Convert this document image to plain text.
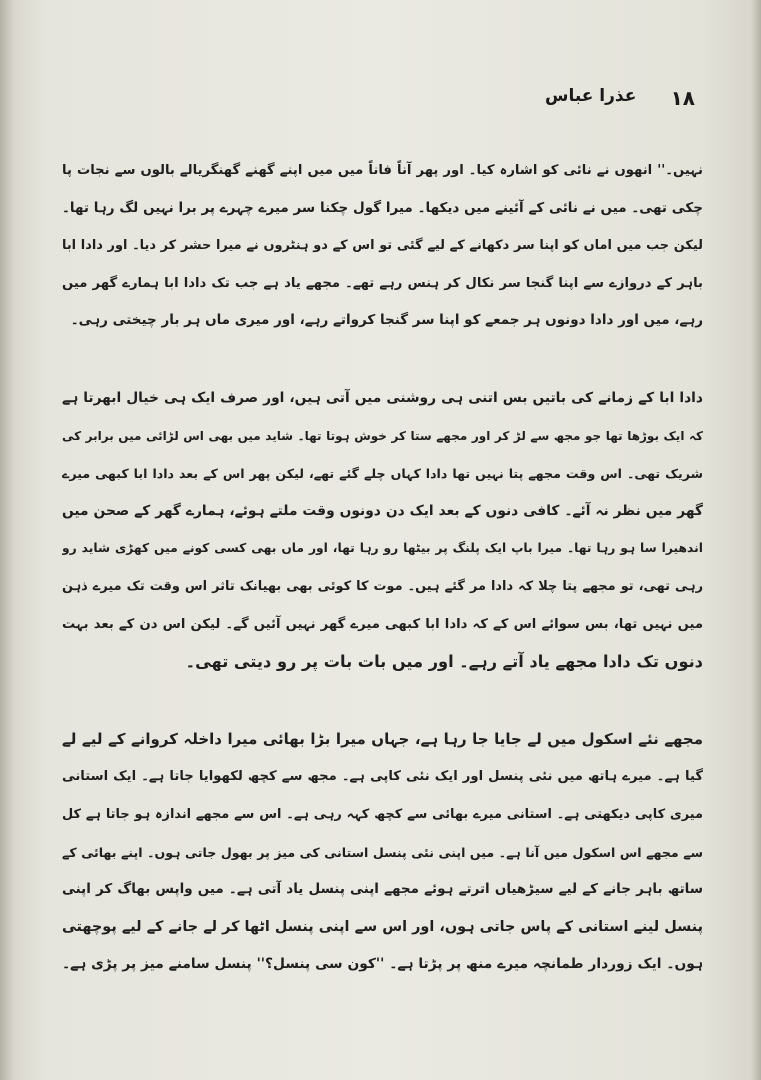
عذرا عباس ۱۸
نہیں۔'' انھوں نے نائی کو اشارہ کیا۔ اور پھر آناً فاناً میں میں اپنے گھنے گھنگریالے بالوں سے نجات پا
چکی تھی۔ میں نے نائی کے آئینے میں دیکھا۔ میرا گول چکنا سر میرے چہرے پر برا نہیں لگ رہا تھا۔
لیکن جب میں اماں کو اپنا سر دکھانے کے لیے گئی تو اس کے دو ہنٹروں نے میرا حشر کر دیا۔ اور دادا ابا
باہر کے دروازے سے اپنا گنجا سر نکال کر ہنس رہے تھے۔ مجھے یاد ہے جب تک دادا ابا ہمارے گھر میں
رہے، میں اور دادا دونوں ہر جمعے کو اپنا سر گنجا کرواتے رہے، اور میری ماں ہر بار چیختی رہی۔
دادا ابا کے زمانے کی باتیں بس اتنی ہی روشنی میں آتی ہیں، اور صرف ایک ہی خیال ابھرتا ہے
کہ ایک بوڑھا تھا جو مجھ سے لڑ کر اور مجھے ستا کر خوش ہوتا تھا۔ شاید میں بھی اس لڑائی میں برابر کی
شریک تھی۔ اس وقت مجھے پتا نہیں تھا دادا کہاں چلے گئے تھے، لیکن پھر اس کے بعد دادا ابا کبھی میرے
گھر میں نظر نہ آئے۔ کافی دنوں کے بعد ایک دن دونوں وقت ملتے ہوئے، ہمارے گھر کے صحن میں
اندھیرا سا ہو رہا تھا۔ میرا باپ ایک پلنگ پر بیٹھا رو رہا تھا، اور ماں بھی کسی کونے میں کھڑی شاید رو
رہی تھی، تو مجھے پتا چلا کہ دادا مر گئے ہیں۔ موت کا کوئی بھی بھیانک تاثر اس وقت تک میرے ذہن
میں نہیں تھا، بس سوائے اس کے کہ دادا ابا کبھی میرے گھر نہیں آئیں گے۔ لیکن اس دن کے بعد بہت
دنوں تک دادا مجھے یاد آتے رہے۔ اور میں بات بات پر رو دیتی تھی۔
مجھے نئے اسکول میں لے جایا جا رہا ہے، جہاں میرا بڑا بھائی میرا داخلہ کروانے کے لیے لے
گیا ہے۔ میرے ہاتھ میں نئی پنسل اور ایک نئی کاپی ہے۔ مجھ سے کچھ لکھوایا جاتا ہے۔ ایک استانی
میری کاپی دیکھتی ہے۔ استانی میرے بھائی سے کچھ کہہ رہی ہے۔ اس سے مجھے اندازہ ہو جاتا ہے کل
سے مجھے اس اسکول میں آنا ہے۔ میں اپنی نئی پنسل استانی کی میز پر بھول جاتی ہوں۔ اپنے بھائی کے
ساتھ باہر جانے کے لیے سیڑھیاں اترتے ہوئے مجھے اپنی پنسل یاد آتی ہے۔ میں واپس بھاگ کر اپنی
پنسل لینے استانی کے پاس جاتی ہوں، اور اس سے اپنی پنسل اٹھا کر لے جانے کے لیے پوچھتی
ہوں۔ ایک زوردار طمانچہ میرے منھ پر پڑتا ہے۔ ''کون سی پنسل؟'' پنسل سامنے میز پر پڑی ہے۔
